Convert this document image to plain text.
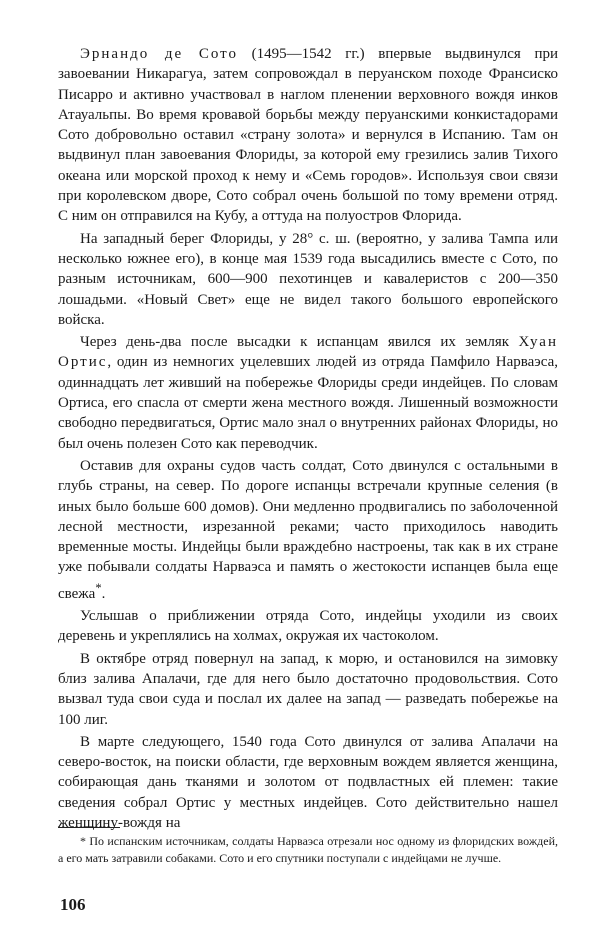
Эрнандо де Сото (1495—1542 гг.) впервые выдвинулся при завоевании Никарагуа, затем сопровождал в перуанском походе Франсиско Писарро и активно участвовал в наглом пленении верховного вождя инков Атауальпы. Во время кровавой борьбы между перуанскими конкистадорами Сото добровольно оставил «страну золота» и вернулся в Испанию. Там он выдвинул план завоевания Флориды, за которой ему грезились залив Тихого океана или морской проход к нему и «Семь городов». Используя свои связи при королевском дворе, Сото собрал очень большой по тому времени отряд. С ним он отправился на Кубу, а оттуда на полуостров Флорида.

На западный берег Флориды, у 28° с. ш. (вероятно, у залива Тампа или несколько южнее его), в конце мая 1539 года высадились вместе с Сото, по разным источникам, 600—900 пехотинцев и кавалеристов с 200—350 лошадьми. «Новый Свет» еще не видел такого большого европейского войска.

Через день-два после высадки к испанцам явился их земляк Хуан Ортис, один из немногих уцелевших людей из отряда Памфило Нарваэса, одиннадцать лет живший на побережье Флориды среди индейцев. По словам Ортиса, его спасла от смерти жена местного вождя. Лишенный возможности свободно передвигаться, Ортис мало знал о внутренних районах Флориды, но был очень полезен Сото как переводчик.

Оставив для охраны судов часть солдат, Сото двинулся с остальными в глубь страны, на север. По дороге испанцы встречали крупные селения (в иных было больше 600 домов). Они медленно продвигались по заболоченной лесной местности, изрезанной реками; часто приходилось наводить временные мосты. Индейцы были враждебно настроены, так как в их стране уже побывали солдаты Нарваэса и память о жестокости испанцев была еще свежа*.

Услышав о приближении отряда Сото, индейцы уходили из своих деревень и укреплялись на холмах, окружая их частоколом.

В октябре отряд повернул на запад, к морю, и остановился на зимовку близ залива Апалачи, где для него было достаточно продовольствия. Сото вызвал туда свои суда и послал их далее на запад — разведать побережье на 100 лиг.

В марте следующего, 1540 года Сото двинулся от залива Апалачи на северо-восток, на поиски области, где верховным вождем является женщина, собирающая дань тканями и золотом от подвластных ей племен: такие сведения собрал Ортис у местных индейцев. Сото действительно нашел женщину-вождя на

* По испанским источникам, солдаты Нарваэса отрезали нос одному из флоридских вождей, а его мать затравили собаками. Сото и его спутники поступали с индейцами не лучше.

106
